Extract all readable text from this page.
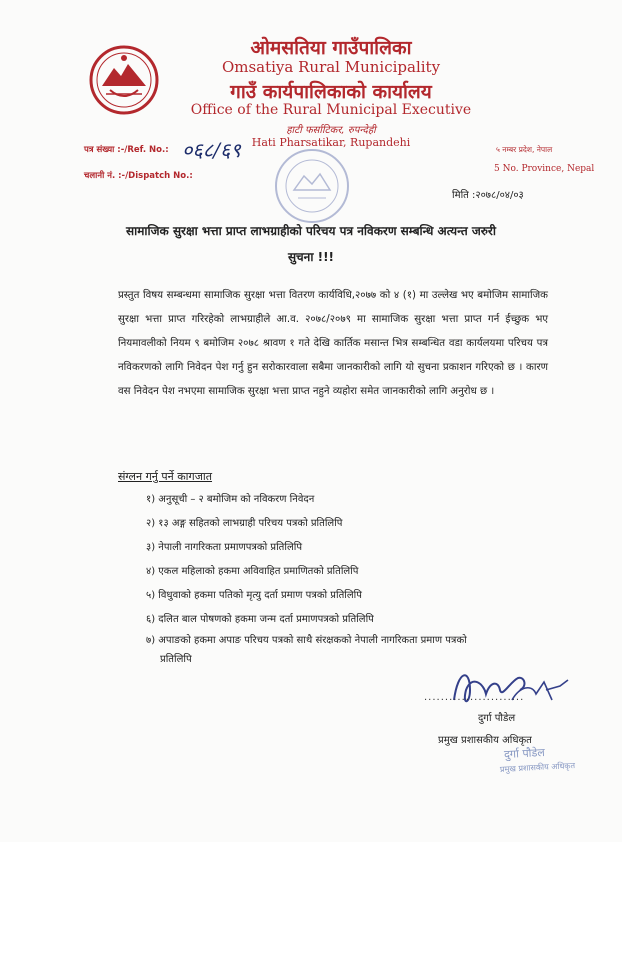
ओमसतिया गाउँपालिका
Omsatiya Rural Municipality
गाउँ कार्यपालिकाको कार्यालय
Office of the Rural Municipal Executive
हाटी फर्साटिकर, रुपन्देही
Hati Pharsatikar, Rupandehi
पत्र संख्या :-/Ref. No.: ०६८/६९
चलानी नं. :-/Dispatch No.:
५ नम्बर प्रदेश, नेपाल
5 No. Province, Nepal
मिति :२०७८/०४/०३
सामाजिक सुरक्षा भत्ता प्राप्त लाभग्राहीको परिचय पत्र नविकरण सम्बन्धि अत्यन्त जरुरी
सुचना !!!

प्रस्तुत विषय सम्बन्धमा सामाजिक सुरक्षा भत्ता वितरण कार्यविधि,२०७७ को ४ (१) मा उल्लेख भए बमोजिम सामाजिक सुरक्षा भत्ता प्राप्त गरिरहेको लाभग्राहीले आ.व. २०७८/२०७९ मा सामाजिक सुरक्षा भत्ता प्राप्त गर्न ईच्छुक भए नियमावलीको नियम ९ बमोजिम २०७८ श्रावण १ गते देखि कार्तिक मसान्त भित्र सम्बन्धित वडा कार्यलयमा परिचय पत्र नविकरणको लागि निवेदन पेश गर्नु हुन सरोकारवाला सबैमा जानकारीको लागि यो सुचना प्रकाशन गरिएको छ । कारण वस निवेदन पेश नभएमा सामाजिक सुरक्षा भत्ता प्राप्त नहुने व्यहोरा समेत जानकारीको लागि अनुरोध छ ।

संग्लन गर्नु पर्ने कागजात
१) अनुसूची – २ बमोजिम को नविकरण निवेदन
२) १३ अङ्ग सहितको लाभग्राही परिचय पत्रको प्रतिलिपि
३) नेपाली नागरिकता प्रमाणपत्रको प्रतिलिपि
४) एकल महिलाको हकमा अविवाहित प्रमाणितको प्रतिलिपि
५) विधुवाको हकमा पतिको मृत्यु दर्ता प्रमाण पत्रको प्रतिलिपि
६) दलित बाल पोषणको हकमा जन्म दर्ता प्रमाणपत्रको प्रतिलिपि
७) अपाङको हकमा अपाङ परिचय पत्रको साथै संरक्षकको नेपाली नागरिकता प्रमाण पत्रको
प्रतिलिपि
........................
दुर्गा पौडेल
प्रमुख प्रशासकीय अधिकृत
दुर्गा पौडेल
प्रमुख प्रशासकीय अधिकृत
